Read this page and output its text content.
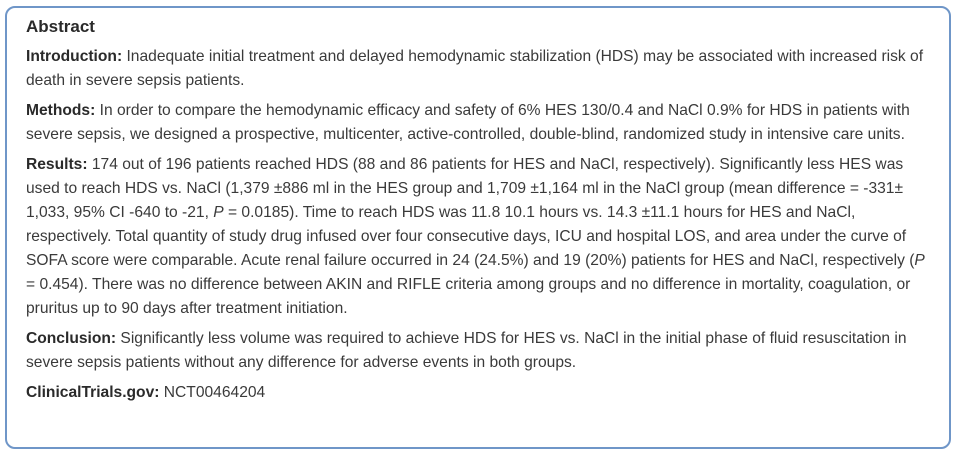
Abstract

Introduction: Inadequate initial treatment and delayed hemodynamic stabilization (HDS) may be associated with increased risk of death in severe sepsis patients.

Methods: In order to compare the hemodynamic efficacy and safety of 6% HES 130/0.4 and NaCl 0.9% for HDS in patients with severe sepsis, we designed a prospective, multicenter, active-controlled, double-blind, randomized study in intensive care units.

Results: 174 out of 196 patients reached HDS (88 and 86 patients for HES and NaCl, respectively). Significantly less HES was used to reach HDS vs. NaCl (1,379 ±886 ml in the HES group and 1,709 ±1,164 ml in the NaCl group (mean difference = -331± 1,033, 95% CI -640 to -21, P = 0.0185). Time to reach HDS was 11.8 10.1 hours vs. 14.3 ±11.1 hours for HES and NaCl, respectively. Total quantity of study drug infused over four consecutive days, ICU and hospital LOS, and area under the curve of SOFA score were comparable. Acute renal failure occurred in 24 (24.5%) and 19 (20%) patients for HES and NaCl, respectively (P = 0.454). There was no difference between AKIN and RIFLE criteria among groups and no difference in mortality, coagulation, or pruritus up to 90 days after treatment initiation.

Conclusion: Significantly less volume was required to achieve HDS for HES vs. NaCl in the initial phase of fluid resuscitation in severe sepsis patients without any difference for adverse events in both groups.

ClinicalTrials.gov: NCT00464204
